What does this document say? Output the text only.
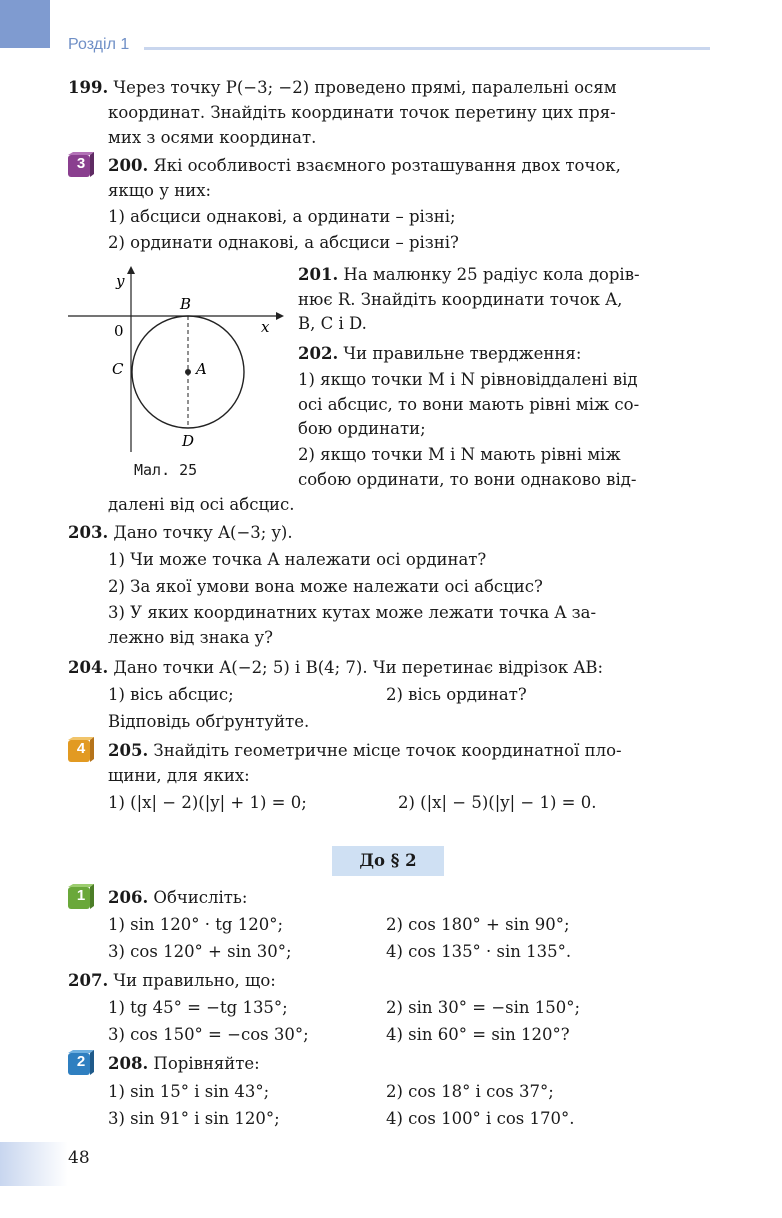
Розділ 1
199. Через точку P(−3; −2) проведено прямі, паралельні осям
координат. Знайдіть координати точок перетину цих пря-
мих з осями координат.
3	200. Які особливості взаємного розташування двох точок,
якщо у них:
1) абсциси однакові, а ординати – різні;
2) ординати однакові, а абсциси – різні?
y
x
0
B
A
C
D
Мал. 25
201. На малюнку 25 радіус кола дорів-
нює R. Знайдіть координати точок A,
B, C і D.
202. Чи правильне твердження:
1) якщо точки M і N рівновіддалені від
осі абсцис, то вони мають рівні між со-
бою ординати;
2) якщо точки M і N мають рівні між
собою ординати, то вони однаково від-
далені від осі абсцис.
203. Дано точку A(−3; y).
1) Чи може точка A належати осі ординат?
2) За якої умови вона може належати осі абсцис?
3) У яких координатних кутах може лежати точка A за-
лежно від знака y?
204. Дано точки A(−2; 5) і B(4; 7). Чи перетинає відрізок AB:
1) вісь абсцис;	2) вісь ординат?
Відповідь обґрунтуйте.
4	205. Знайдіть геометричне місце точок координатної пло-
щини, для яких:
1) (|x| − 2)(|y| + 1) = 0;	2) (|x| − 5)(|y| − 1) = 0.
До § 2
1	206. Обчисліть:
1) sin 120° · tg 120°;	2) cos 180° + sin 90°;
3) cos 120° + sin 30°;	4) cos 135° · sin 135°.
207. Чи правильно, що:
1) tg 45° = −tg 135°;	2) sin 30° = −sin 150°;
3) cos 150° = −cos 30°;	4) sin 60° = sin 120°?
2	208. Порівняйте:
1) sin 15° і sin 43°;	2) cos 18° і cos 37°;
3) sin 91° і sin 120°;	4) cos 100° і cos 170°.
48
